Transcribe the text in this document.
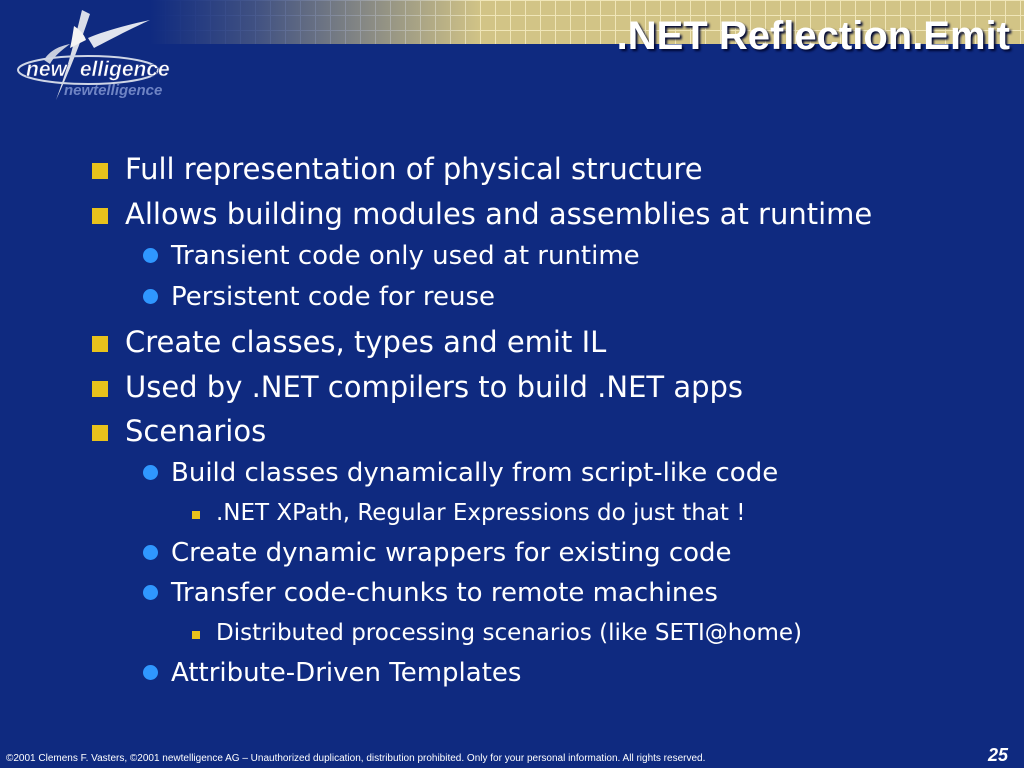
new elligence
newtelligence
.NET Reflection.Emit
Full representation of physical structure
Allows building modules and assemblies at runtime
Transient code only used at runtime
Persistent code for reuse
Create classes, types and emit IL
Used by .NET compilers to build .NET apps
Scenarios
Build classes dynamically from script-like code
.NET XPath, Regular Expressions do just that !
Create dynamic wrappers for existing code
Transfer code-chunks to remote machines
Distributed processing scenarios (like SETI@home)
Attribute-Driven Templates
©2001 Clemens F. Vasters, ©2001 newtelligence AG – Unauthorized duplication, distribution prohibited. Only for your personal information. All rights reserved.	25
